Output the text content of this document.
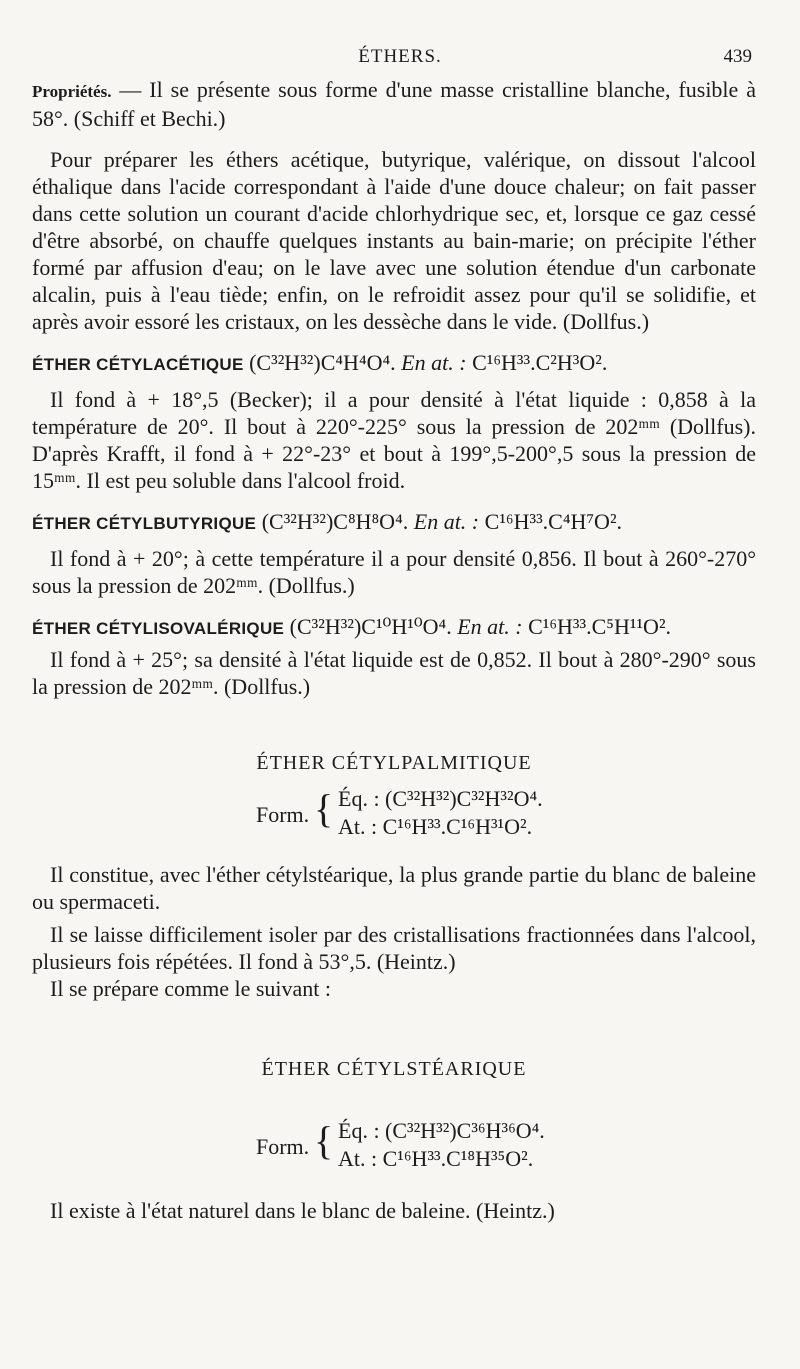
ÉTHERS.	439

Propriétés. — Il se présente sous forme d'une masse cristalline blanche, fusible à 58°. (Schiff et Bechi.)

Pour préparer les éthers acétique, butyrique, valérique, on dissout l'alcool éthalique dans l'acide correspondant à l'aide d'une douce chaleur; on fait passer dans cette solution un courant d'acide chlorhydrique sec, et, lorsque ce gaz cessé d'être absorbé, on chauffe quelques instants au bain-marie; on précipite l'éther formé par affusion d'eau; on le lave avec une solution étendue d'un carbonate alcalin, puis à l'eau tiède; enfin, on le refroidit assez pour qu'il se solidifie, et après avoir essoré les cristaux, on les dessèche dans le vide. (Dollfus.)

ÉTHER CÉTYLACÉTIQUE (C³²H³²)C⁴H⁴O⁴. En at. : C¹⁶H³³.C²H³O².

Il fond à + 18°,5 (Becker); il a pour densité à l'état liquide : 0,858 à la température de 20°. Il bout à 220°-225° sous la pression de 202ᵐᵐ (Dollfus). D'après Krafft, il fond à + 22°-23° et bout à 199°,5-200°,5 sous la pression de 15ᵐᵐ. Il est peu soluble dans l'alcool froid.

ÉTHER CÉTYLBUTYRIQUE (C³²H³²)C⁸H⁸O⁴. En at. : C¹⁶H³³.C⁴H⁷O².

Il fond à + 20°; à cette température il a pour densité 0,856. Il bout à 260°-270° sous la pression de 202ᵐᵐ. (Dollfus.)

ÉTHER CÉTYLISOVALÉRIQUE (C³²H³²)C¹⁰H¹⁰O⁴. En at. : C¹⁶H³³.C⁵H¹¹O².

Il fond à + 25°; sa densité à l'état liquide est de 0,852. Il bout à 280°-290° sous la pression de 202ᵐᵐ. (Dollfus.)

ÉTHER CÉTYLPALMITIQUE
Form. { Éq. : (C³²H³²)C³²H³²O⁴.
At. : C¹⁶H³³.C¹⁶H³¹O².

Il constitue, avec l'éther cétylstéarique, la plus grande partie du blanc de baleine ou spermaceti.

Il se laisse difficilement isoler par des cristallisations fractionnées dans l'alcool, plusieurs fois répétées. Il fond à 53°,5. (Heintz.)

Il se prépare comme le suivant :

ÉTHER CÉTYLSTÉARIQUE
Form. { Éq. : (C³²H³²)C³⁶H³⁶O⁴.
At. : C¹⁶H³³.C¹⁸H³⁵O².

Il existe à l'état naturel dans le blanc de baleine. (Heintz.)
